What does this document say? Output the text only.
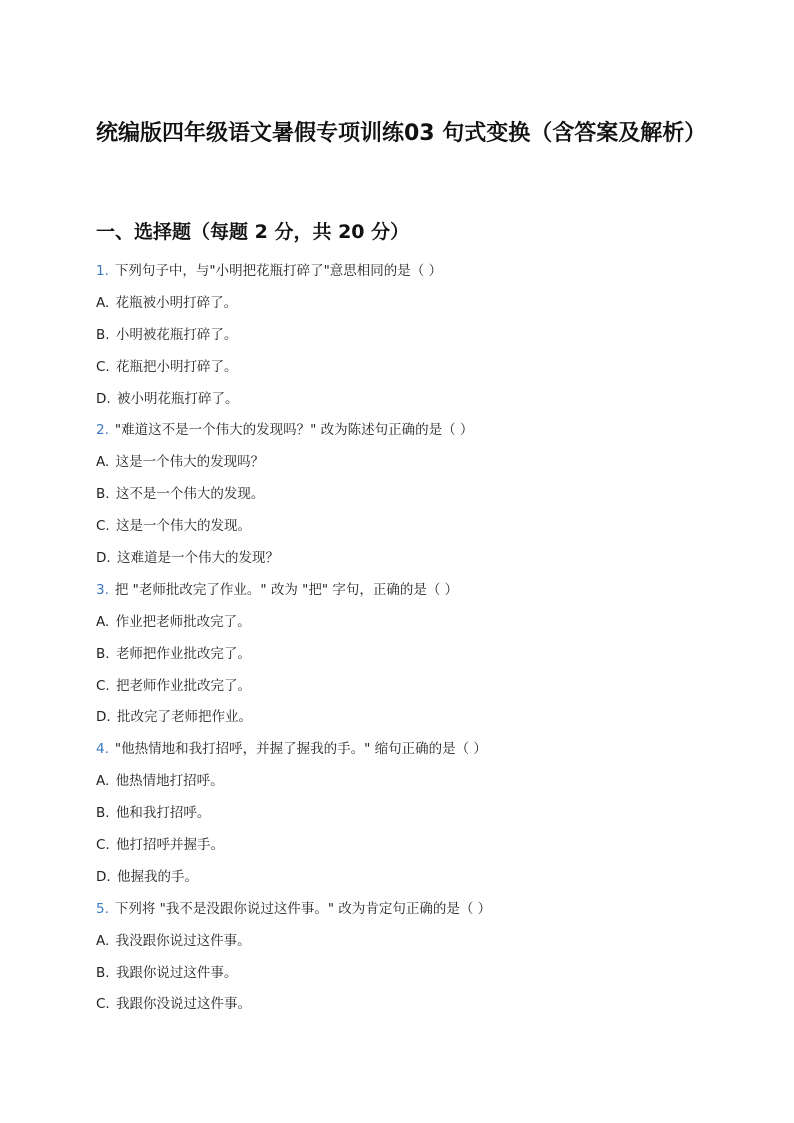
统编版四年级语文暑假专项训练03 句式变换（含答案及解析）
一、选择题（每题 2 分，共 20 分）
1. 下列句子中，与"小明把花瓶打碎了"意思相同的是（ ）
A. 花瓶被小明打碎了。
B. 小明被花瓶打碎了。
C. 花瓶把小明打碎了。
D. 被小明花瓶打碎了。
2. "难道这不是一个伟大的发现吗？" 改为陈述句正确的是（ ）
A. 这是一个伟大的发现吗？
B. 这不是一个伟大的发现。
C. 这是一个伟大的发现。
D. 这难道是一个伟大的发现？
3. 把 "老师批改完了作业。" 改为 "把" 字句，正确的是（ ）
A. 作业把老师批改完了。
B. 老师把作业批改完了。
C. 把老师作业批改完了。
D. 批改完了老师把作业。
4. "他热情地和我打招呼，并握了握我的手。" 缩句正确的是（ ）
A. 他热情地打招呼。
B. 他和我打招呼。
C. 他打招呼并握手。
D. 他握我的手。
5. 下列将 "我不是没跟你说过这件事。" 改为肯定句正确的是（ ）
A. 我没跟你说过这件事。
B. 我跟你说过这件事。
C. 我跟你没说过这件事。
